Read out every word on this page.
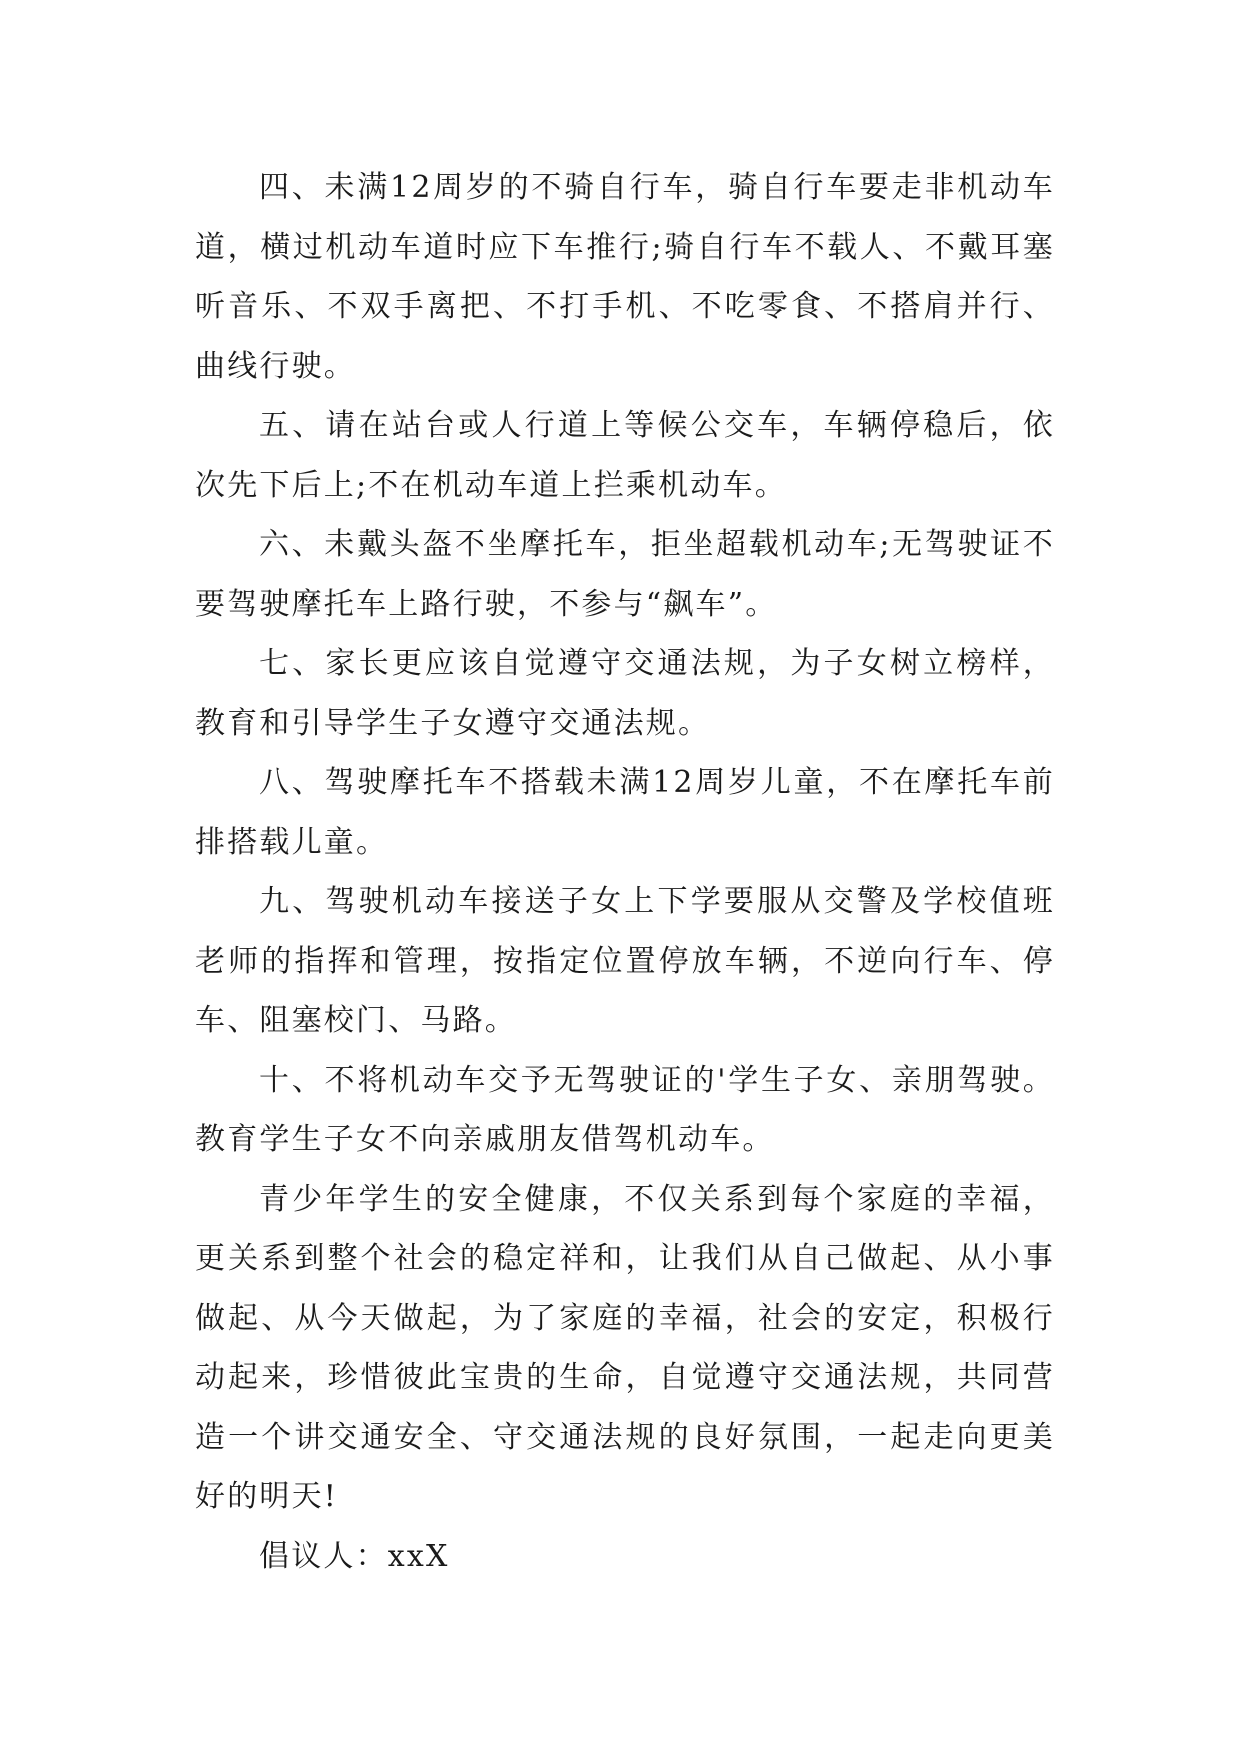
四、未满12周岁的不骑自行车，骑自行车要走非机动车道，横过机动车道时应下车推行;骑自行车不载人、不戴耳塞听音乐、不双手离把、不打手机、不吃零食、不搭肩并行、曲线行驶。

五、请在站台或人行道上等候公交车，车辆停稳后，依次先下后上;不在机动车道上拦乘机动车。

六、未戴头盔不坐摩托车，拒坐超载机动车;无驾驶证不要驾驶摩托车上路行驶，不参与“飙车”。

七、家长更应该自觉遵守交通法规，为子女树立榜样，教育和引导学生子女遵守交通法规。

八、驾驶摩托车不搭载未满12周岁儿童，不在摩托车前排搭载儿童。

九、驾驶机动车接送子女上下学要服从交警及学校值班老师的指挥和管理，按指定位置停放车辆，不逆向行车、停车、阻塞校门、马路。

十、不将机动车交予无驾驶证的'学生子女、亲朋驾驶。教育学生子女不向亲戚朋友借驾机动车。

青少年学生的安全健康，不仅关系到每个家庭的幸福，更关系到整个社会的稳定祥和，让我们从自己做起、从小事做起、从今天做起，为了家庭的幸福，社会的安定，积极行动起来，珍惜彼此宝贵的生命，自觉遵守交通法规，共同营造一个讲交通安全、守交通法规的良好氛围，一起走向更美好的明天!

倡议人：xxX
